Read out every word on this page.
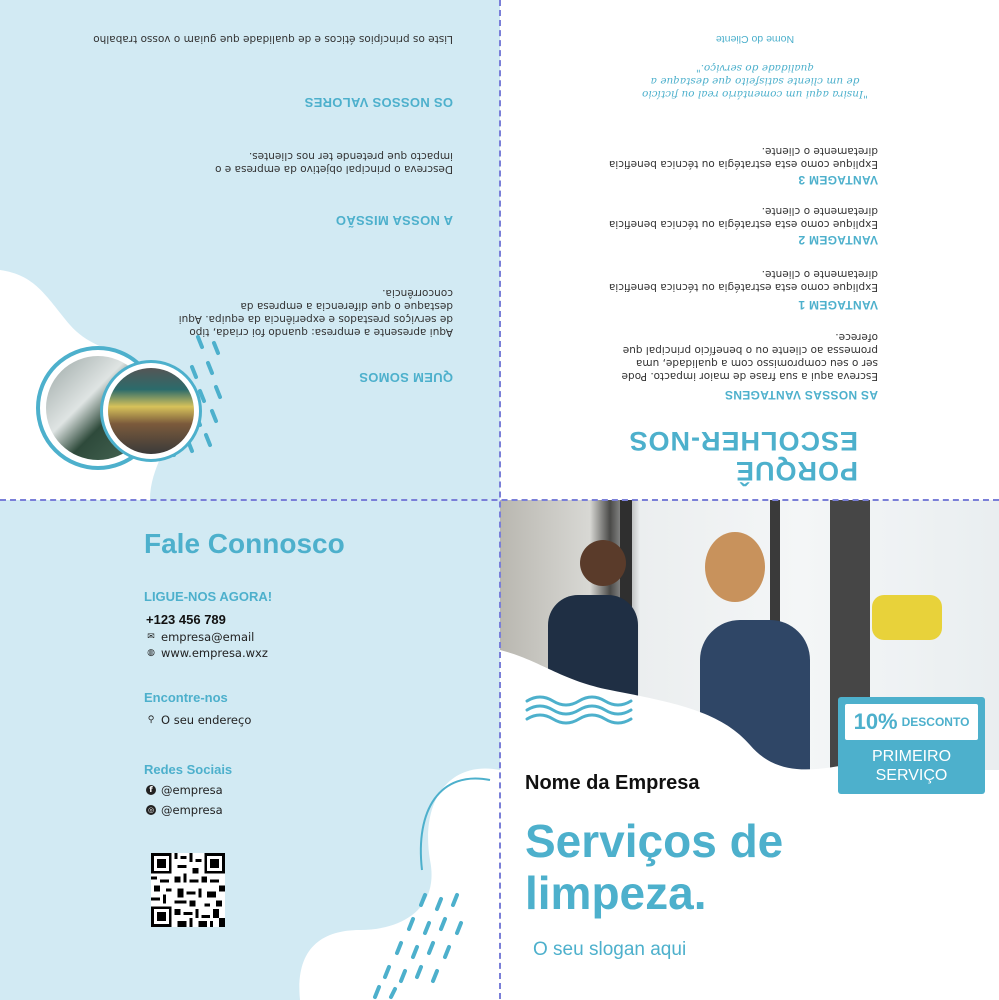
Liste os princípios éticos e de qualidade que guiam o vosso trabalho
OS NOSSOS VALORES
Descreva o principal objetivo da empresa e o impacto que pretende ter nos clientes.
A NOSSA MISSÃO
Aqui apresente a empresa: quando foi criada, tipo de serviços prestados e experiência da equipa. Aqui destaque o que diferencia a empresa da concorrência.
QUEM SOMOS
Nome do Cliente
"Insira aqui um comentário real ou fictício de um cliente satisfeito que destaque a qualidade do serviço."
Explique como esta estratégia ou técnica beneficia diretamente o cliente.
VANTAGEM 3
Explique como esta estratégia ou técnica beneficia diretamente o cliente.
VANTAGEM 2
Explique como esta estratégia ou técnica beneficia diretamente o cliente.
VANTAGEM 1
Escreva aqui a sua frase de maior impacto. Pode ser o seu compromisso com a qualidade, uma promessa ao cliente ou o benefício principal que oferece.
AS NOSSAS VANTAGENS
PORQUÊ ESCOLHER-NOS
Fale Connosco
LIGUE-NOS AGORA!
+123 456 789
✉ empresa@email
◍ www.empresa.wxz
Encontre-nos
⚲ O seu endereço
Redes Sociais
f @empresa
◎ @empresa
Nome da Empresa
Serviços de limpeza.
O seu slogan aqui
10% DESCONTO
PRIMEIRO
SERVIÇO
